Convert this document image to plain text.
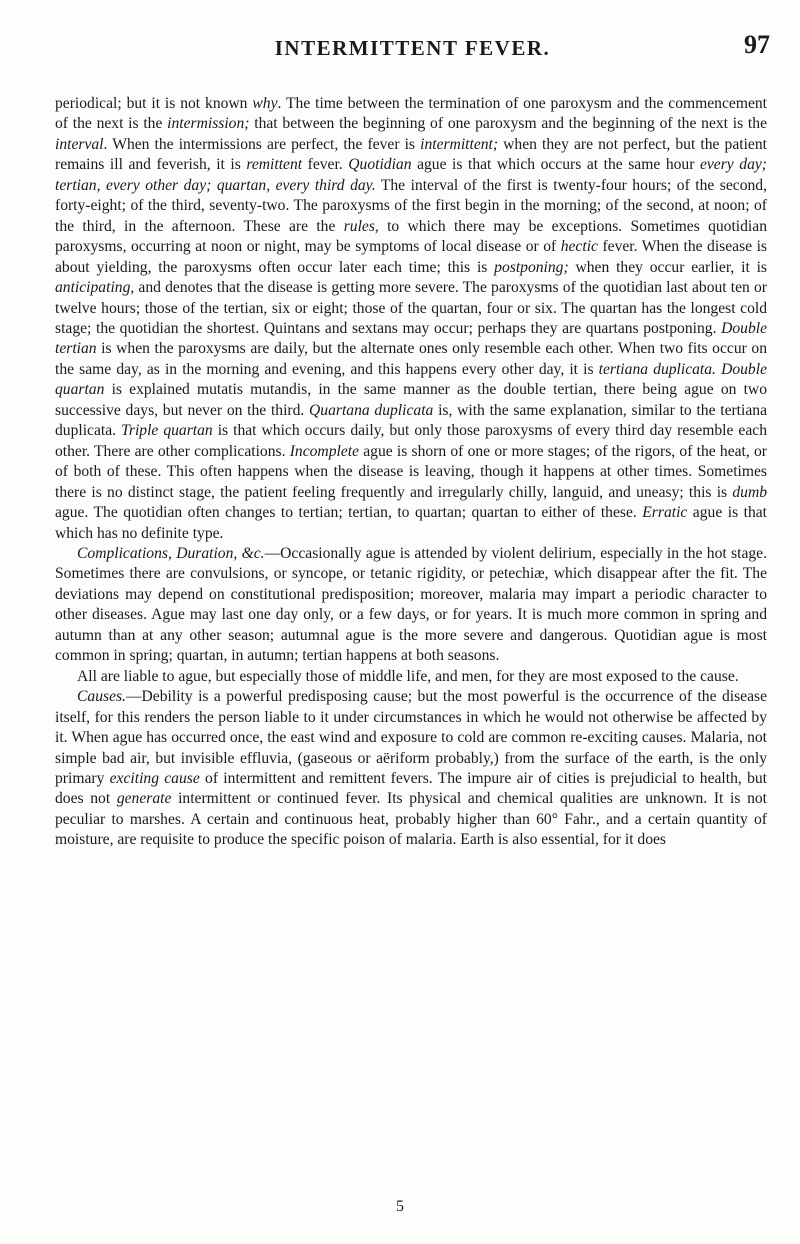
INTERMITTENT FEVER.	97

periodical; but it is not known why. The time between the termination of one paroxysm and the commencement of the next is the intermission; that between the beginning of one paroxysm and the beginning of the next is the interval. When the intermissions are perfect, the fever is intermittent; when they are not perfect, but the patient remains ill and feverish, it is remittent fever. Quotidian ague is that which occurs at the same hour every day; tertian, every other day; quartan, every third day. The interval of the first is twenty-four hours; of the second, forty-eight; of the third, seventy-two. The paroxysms of the first begin in the morning; of the second, at noon; of the third, in the afternoon. These are the rules, to which there may be exceptions. Sometimes quotidian paroxysms, occurring at noon or night, may be symptoms of local disease or of hectic fever. When the disease is about yielding, the paroxysms often occur later each time; this is postponing; when they occur earlier, it is anticipating, and denotes that the disease is getting more severe. The paroxysms of the quotidian last about ten or twelve hours; those of the tertian, six or eight; those of the quartan, four or six. The quartan has the longest cold stage; the quotidian the shortest. Quintans and sextans may occur; perhaps they are quartans postponing. Double tertian is when the paroxysms are daily, but the alternate ones only resemble each other. When two fits occur on the same day, as in the morning and evening, and this happens every other day, it is tertiana duplicata. Double quartan is explained mutatis mutandis, in the same manner as the double tertian, there being ague on two successive days, but never on the third. Quartana duplicata is, with the same explanation, similar to the tertiana duplicata. Triple quartan is that which occurs daily, but only those paroxysms of every third day resemble each other. There are other complications. Incomplete ague is shorn of one or more stages; of the rigors, of the heat, or of both of these. This often happens when the disease is leaving, though it happens at other times. Sometimes there is no distinct stage, the patient feeling frequently and irregularly chilly, languid, and uneasy; this is dumb ague. The quotidian often changes to tertian; tertian, to quartan; quartan to either of these. Erratic ague is that which has no definite type.

Complications, Duration, &c.—Occasionally ague is attended by violent delirium, especially in the hot stage. Sometimes there are convulsions, or syncope, or tetanic rigidity, or petechiæ, which disappear after the fit. The deviations may depend on constitutional predisposition; moreover, malaria may impart a periodic character to other diseases. Ague may last one day only, or a few days, or for years. It is much more common in spring and autumn than at any other season; autumnal ague is the more severe and dangerous. Quotidian ague is most common in spring; quartan, in autumn; tertian happens at both seasons.

All are liable to ague, but especially those of middle life, and men, for they are most exposed to the cause.

Causes.—Debility is a powerful predisposing cause; but the most powerful is the occurrence of the disease itself, for this renders the person liable to it under circumstances in which he would not otherwise be affected by it. When ague has occurred once, the east wind and exposure to cold are common re-exciting causes. Malaria, not simple bad air, but invisible effluvia, (gaseous or aëriform probably,) from the surface of the earth, is the only primary exciting cause of intermittent and remittent fevers. The impure air of cities is prejudicial to health, but does not generate intermittent or continued fever. Its physical and chemical qualities are unknown. It is not peculiar to marshes. A certain and continuous heat, probably higher than 60° Fahr., and a certain quantity of moisture, are requisite to produce the specific poison of malaria. Earth is also essential, for it does

5
